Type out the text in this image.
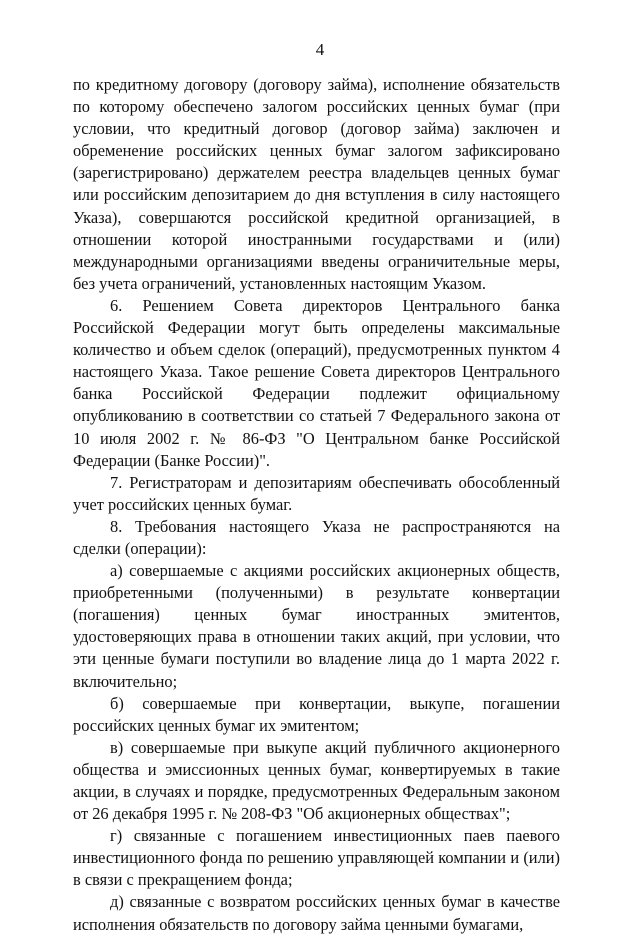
4

по кредитному договору (договору займа), исполнение обязательств по которому обеспечено залогом российских ценных бумаг (при условии, что кредитный договор (договор займа) заключен и обременение российских ценных бумаг залогом зафиксировано (зарегистрировано) держателем реестра владельцев ценных бумаг или российским депозитарием до дня вступления в силу настоящего Указа), совершаются российской кредитной организацией, в отношении которой иностранными государствами и (или) международными организациями введены ограничительные меры, без учета ограничений, установленных настоящим Указом.

6. Решением Совета директоров Центрального банка Российской Федерации могут быть определены максимальные количество и объем сделок (операций), предусмотренных пунктом 4 настоящего Указа. Такое решение Совета директоров Центрального банка Российской Федерации подлежит официальному опубликованию в соответствии со статьей 7 Федерального закона от 10 июля 2002 г. № 86-ФЗ "О Центральном банке Российской Федерации (Банке России)".

7. Регистраторам и депозитариям обеспечивать обособленный учет российских ценных бумаг.

8. Требования настоящего Указа не распространяются на сделки (операции):

а) совершаемые с акциями российских акционерных обществ, приобретенными (полученными) в результате конвертации (погашения) ценных бумаг иностранных эмитентов, удостоверяющих права в отношении таких акций, при условии, что эти ценные бумаги поступили во владение лица до 1 марта 2022 г. включительно;

б) совершаемые при конвертации, выкупе, погашении российских ценных бумаг их эмитентом;

в) совершаемые при выкупе акций публичного акционерного общества и эмиссионных ценных бумаг, конвертируемых в такие акции, в случаях и порядке, предусмотренных Федеральным законом от 26 декабря 1995 г. № 208-ФЗ "Об акционерных обществах";

г) связанные с погашением инвестиционных паев паевого инвестиционного фонда по решению управляющей компании и (или) в связи с прекращением фонда;

д) связанные с возвратом российских ценных бумаг в качестве исполнения обязательств по договору займа ценными бумагами,
